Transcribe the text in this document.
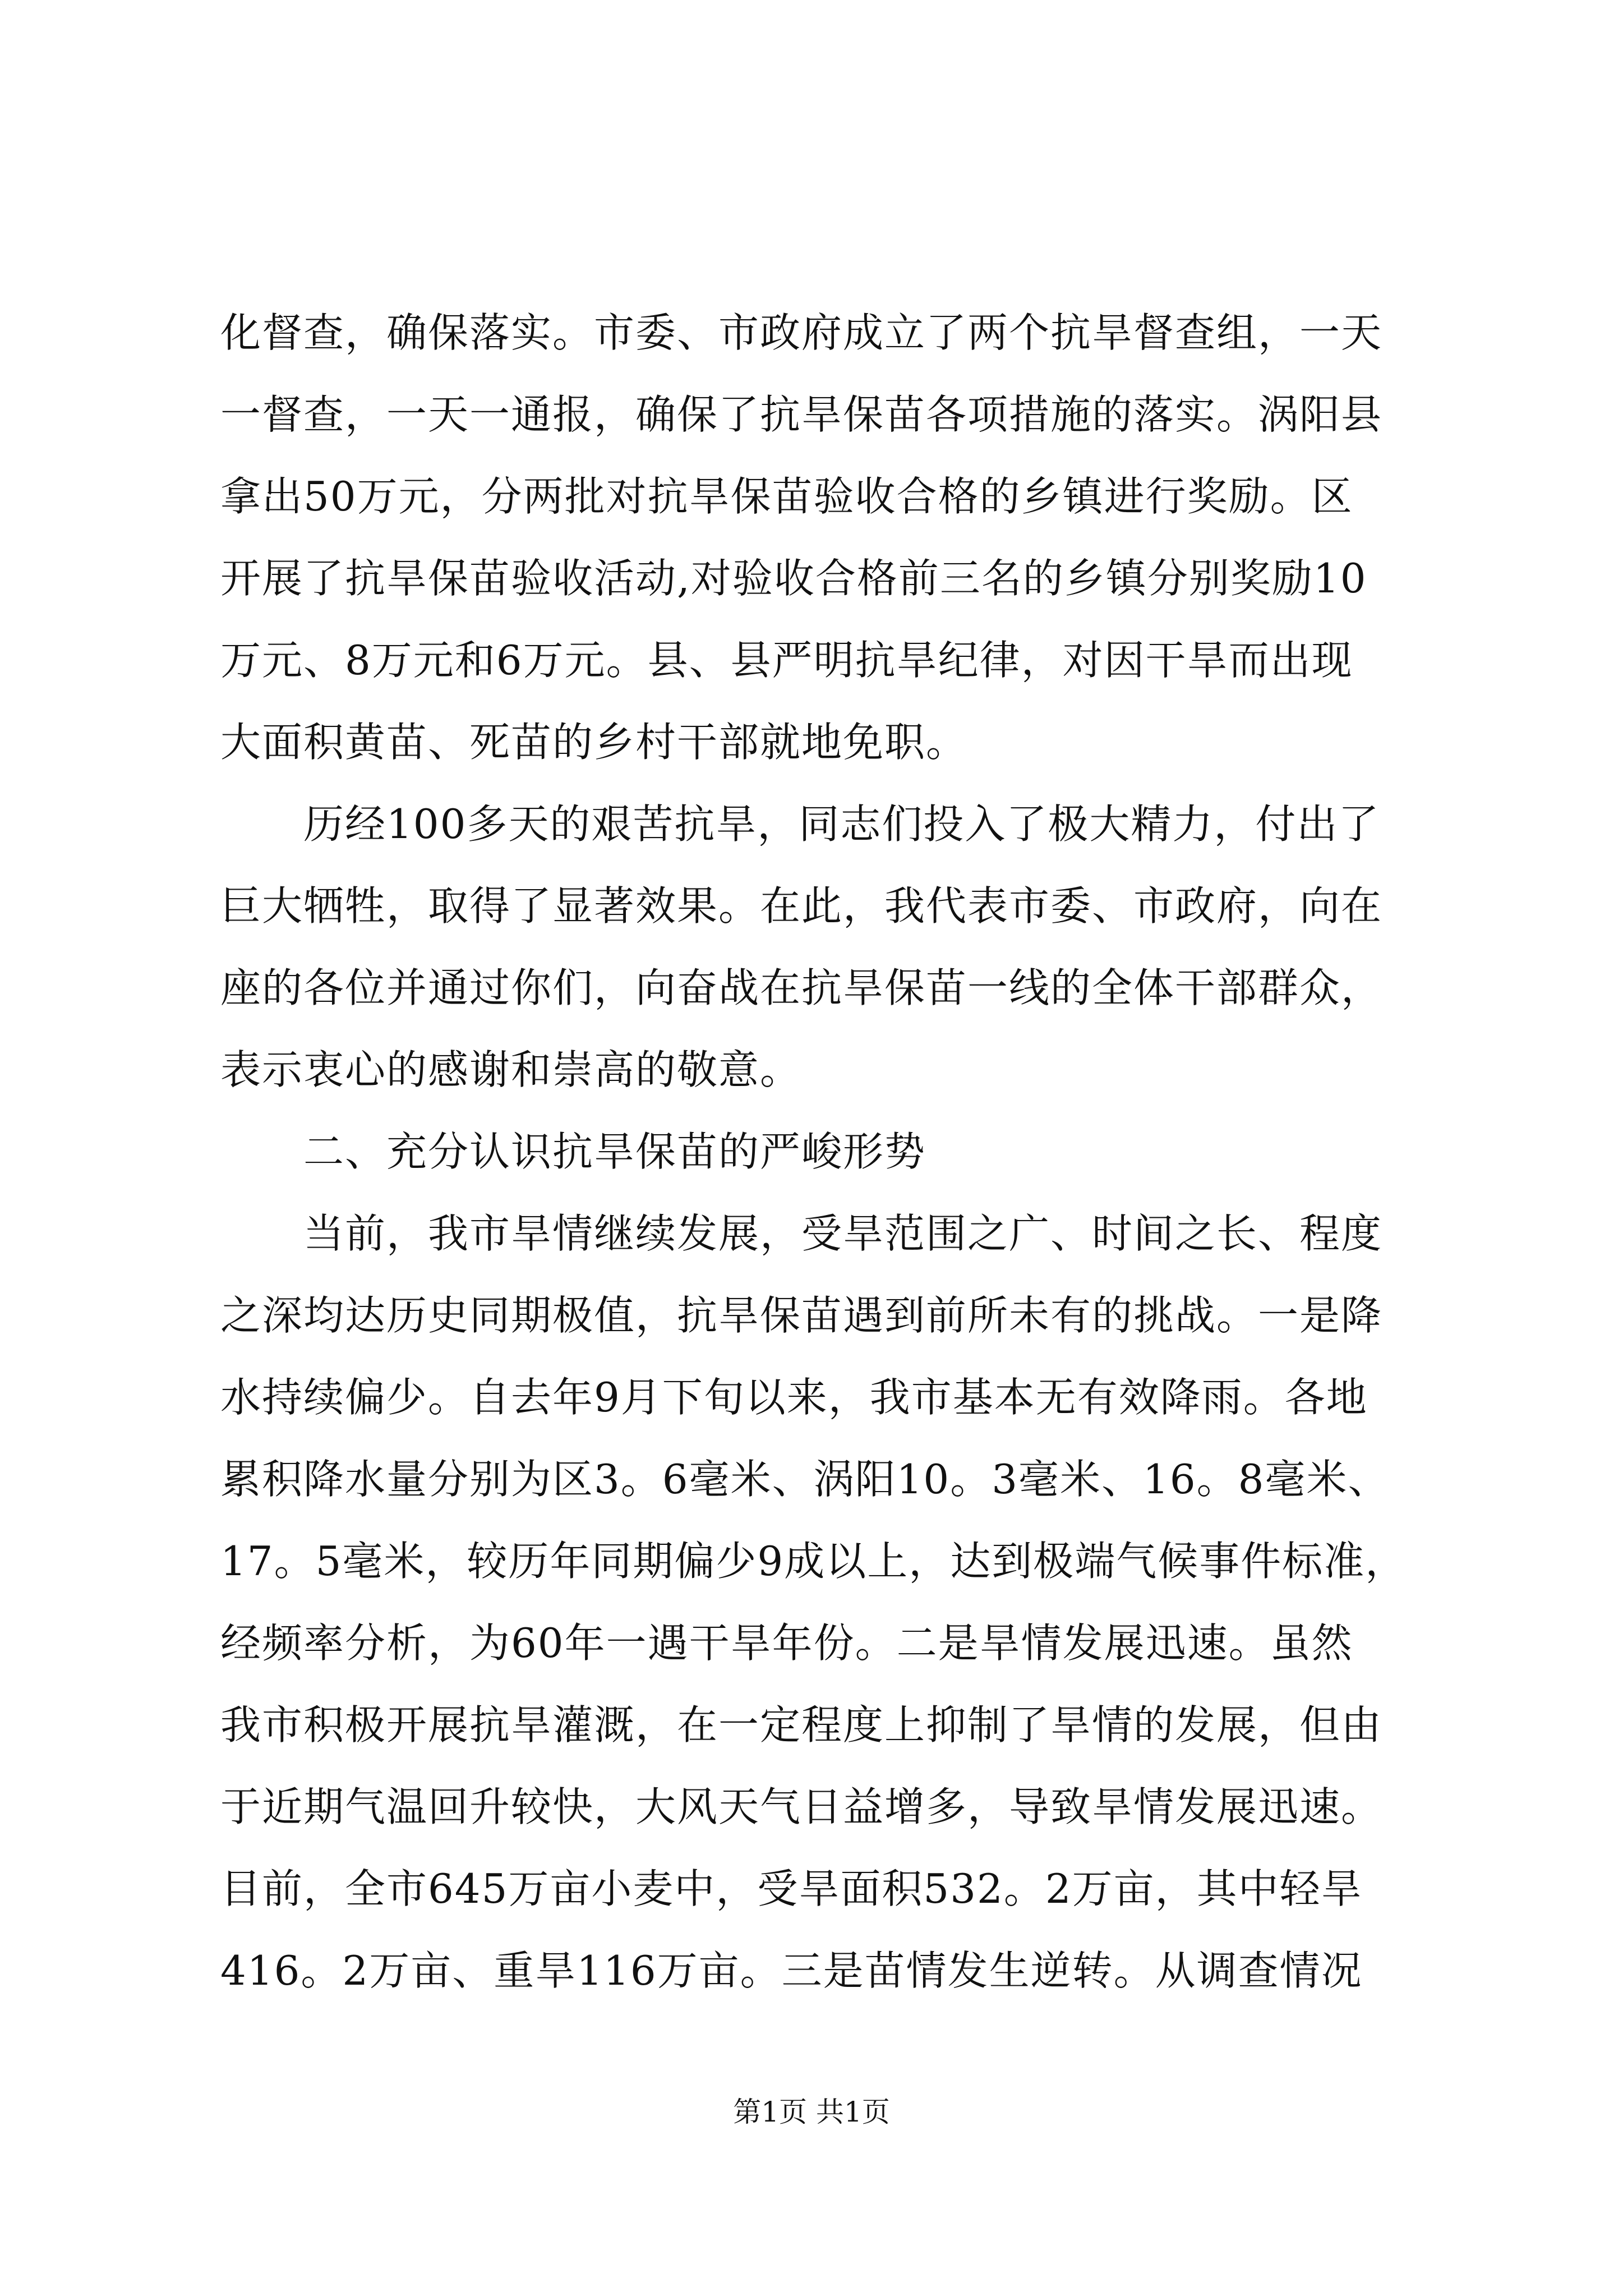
化督查，确保落实。市委、市政府成立了两个抗旱督查组，一天
一督查，一天一通报，确保了抗旱保苗各项措施的落实。涡阳县
拿出50万元，分两批对抗旱保苗验收合格的乡镇进行奖励。区
开展了抗旱保苗验收活动,对验收合格前三名的乡镇分别奖励10
万元、8万元和6万元。县、县严明抗旱纪律，对因干旱而出现
大面积黄苗、死苗的乡村干部就地免职。
　　历经100多天的艰苦抗旱，同志们投入了极大精力，付出了
巨大牺牲，取得了显著效果。在此，我代表市委、市政府，向在
座的各位并通过你们，向奋战在抗旱保苗一线的全体干部群众，
表示衷心的感谢和崇高的敬意。
　　二、充分认识抗旱保苗的严峻形势
　　当前，我市旱情继续发展，受旱范围之广、时间之长、程度
之深均达历史同期极值，抗旱保苗遇到前所未有的挑战。一是降
水持续偏少。自去年9月下旬以来，我市基本无有效降雨。各地
累积降水量分别为区3。6毫米、涡阳10。3毫米、16。8毫米、
17。5毫米，较历年同期偏少9成以上，达到极端气候事件标准，
经频率分析，为60年一遇干旱年份。二是旱情发展迅速。虽然
我市积极开展抗旱灌溉，在一定程度上抑制了旱情的发展，但由
于近期气温回升较快，大风天气日益增多，导致旱情发展迅速。
目前，全市645万亩小麦中，受旱面积532。2万亩，其中轻旱
416。2万亩、重旱116万亩。三是苗情发生逆转。从调查情况
第1页 共1页
